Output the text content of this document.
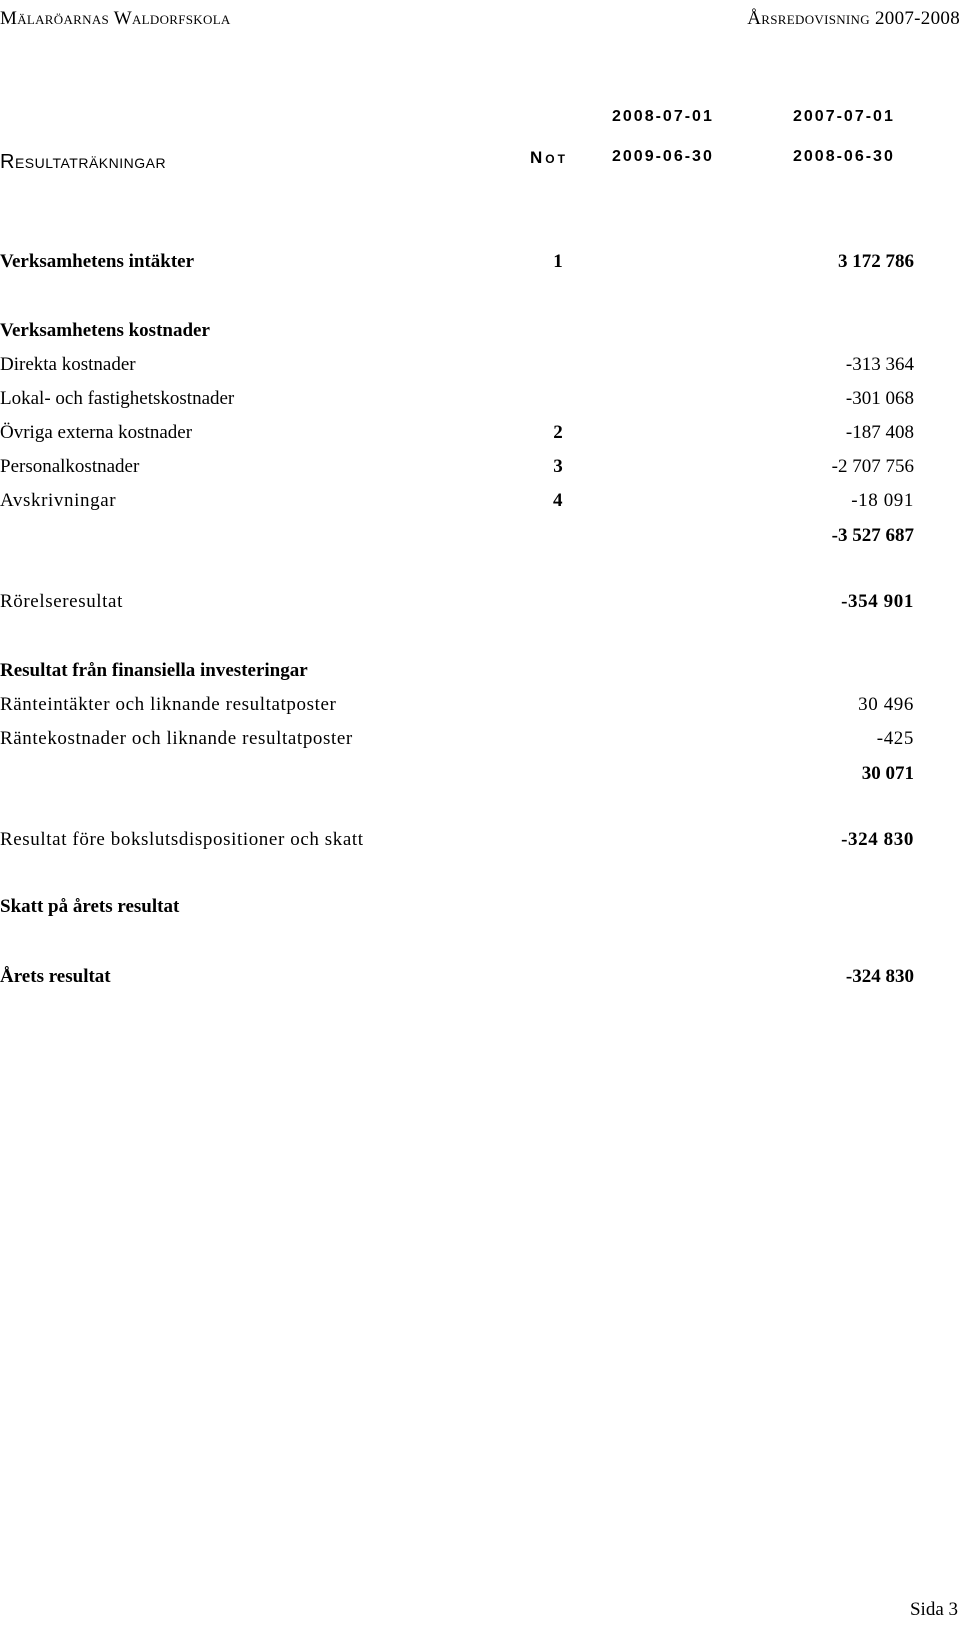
Mälaröarnas Waldorfskola	Årsredovisning 2007-2008
2008-07-01	2007-07-01
2009-06-30	2008-06-30
Resultaträkningar	Not
Verksamhetens intäkter	1	3 172 786
Verksamhetens kostnader
Direkta kostnader	-313 364
Lokal- och fastighetskostnader	-301 068
Övriga externa kostnader	2	-187 408
Personalkostnader	3	-2 707 756
Avskrivningar	4	-18 091
-3 527 687
Rörelseresultat	-354 901
Resultat från finansiella investeringar
Ränteintäkter och liknande resultatposter	30 496
Räntekostnader och liknande resultatposter	-425
30 071
Resultat före bokslutsdispositioner och skatt	-324 830
Skatt på årets resultat
Årets resultat	-324 830
Sida 3
